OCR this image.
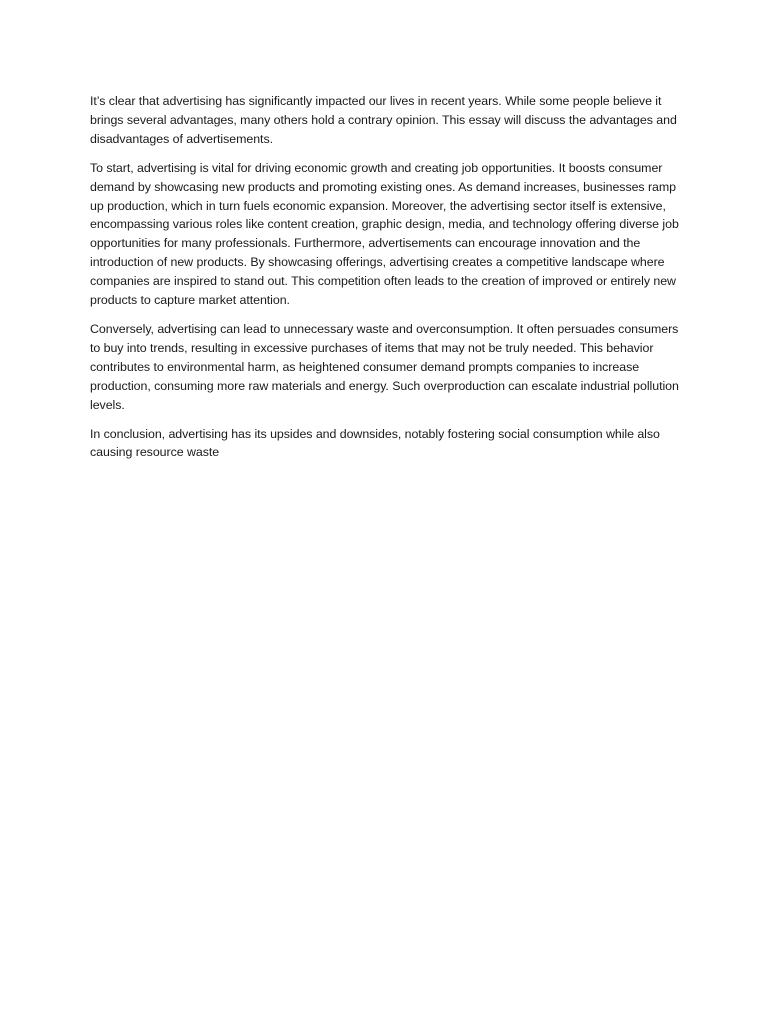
It’s clear that advertising has significantly impacted our lives in recent years. While some people believe it brings several advantages, many others hold a contrary opinion. This essay will discuss the advantages and disadvantages of advertisements.

To start, advertising is vital for driving economic growth and creating job opportunities. It boosts consumer demand by showcasing new products and promoting existing ones. As demand increases, businesses ramp up production, which in turn fuels economic expansion. Moreover, the advertising sector itself is extensive, encompassing various roles like content creation, graphic design, media, and technology offering diverse job opportunities for many professionals. Furthermore, advertisements can encourage innovation and the introduction of new products. By showcasing offerings, advertising creates a competitive landscape where companies are inspired to stand out. This competition often leads to the creation of improved or entirely new products to capture market attention.

Conversely, advertising can lead to unnecessary waste and overconsumption. It often persuades consumers to buy into trends, resulting in excessive purchases of items that may not be truly needed. This behavior contributes to environmental harm, as heightened consumer demand prompts companies to increase production, consuming more raw materials and energy. Such overproduction can escalate industrial pollution levels.

In conclusion, advertising has its upsides and downsides, notably fostering social consumption while also causing resource waste
